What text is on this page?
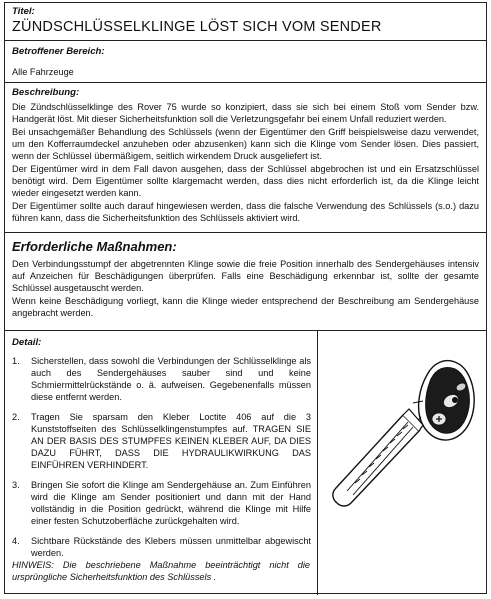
Titel:
ZÜNDSCHLÜSSELKLINGE LÖST SICH VOM SENDER
Betroffener Bereich:
Alle Fahrzeuge
Beschreibung:

Die Zündschlüsselklinge des Rover 75 wurde so konzipiert, dass sie sich bei einem Stoß vom Sender bzw. Handgerät löst. Mit dieser Sicherheitsfunktion soll die Verletzungsgefahr bei einem Unfall reduziert werden.

Bei unsachgemäßer Behandlung des Schlüssels (wenn der Eigentümer den Griff beispielsweise dazu verwendet, um den Kofferraumdeckel anzuheben oder abzusenken) kann sich die Klinge vom Sender lösen. Dies passiert, wenn der Schlüssel übermäßigem, seitlich wirkendem Druck ausgeliefert ist.

Der Eigentümer wird in dem Fall davon ausgehen, dass der Schlüssel abgebrochen ist und ein Ersatzschlüssel benötigt wird. Dem Eigentümer sollte klargemacht werden, dass dies nicht erforderlich ist, da die Klinge leicht wieder eingesetzt werden kann.

Der Eigentümer sollte auch darauf hingewiesen werden, dass die falsche Verwendung des Schlüssels (s.o.) dazu führen kann, dass die Sicherheitsfunktion des Schlüssels aktiviert wird.

Erforderliche Maßnahmen:

Den Verbindungsstumpf der abgetrennten Klinge sowie die freie Position innerhalb des Sendergehäuses intensiv auf Anzeichen für Beschädigungen überprüfen. Falls eine Beschädigung erkennbar ist, sollte der gesamte Schlüssel ausgetauscht werden.

Wenn keine Beschädigung vorliegt, kann die Klinge wieder entsprechend der Beschreibung am Sendergehäuse angebracht werden.

Detail:
1. Sicherstellen, dass sowohl die Verbindungen der Schlüsselklinge als auch des Sendergehäuses sauber sind und keine Schmiermittelrückstände o. ä. aufweisen. Gegebenenfalls müssen diese entfernt werden.
2. Tragen Sie sparsam den Kleber Loctite 406 auf die 3 Kunststoffseiten des Schlüsselklingenstumpfes auf. TRAGEN SIE AN DER BASIS DES STUMPFES KEINEN KLEBER AUF, DA DIES DAZU FÜHRT, DASS DIE HYDRAULIKWIRKUNG DAS EINFÜHREN VERHINDERT.
3. Bringen Sie sofort die Klinge am Sendergehäuse an. Zum Einführen wird die Klinge am Sender positioniert und dann mit der Hand vollständig in die Position gedrückt, während die Klinge mit Hilfe einer festen Schutzoberfläche zurückgehalten wird.
4. Sichtbare Rückstände des Klebers müssen unmittelbar abgewischt werden.
HINWEIS: Die beschriebene Maßnahme beeinträchtigt nicht die ursprüngliche Sicherheitsfunktion des Schlüssels .
